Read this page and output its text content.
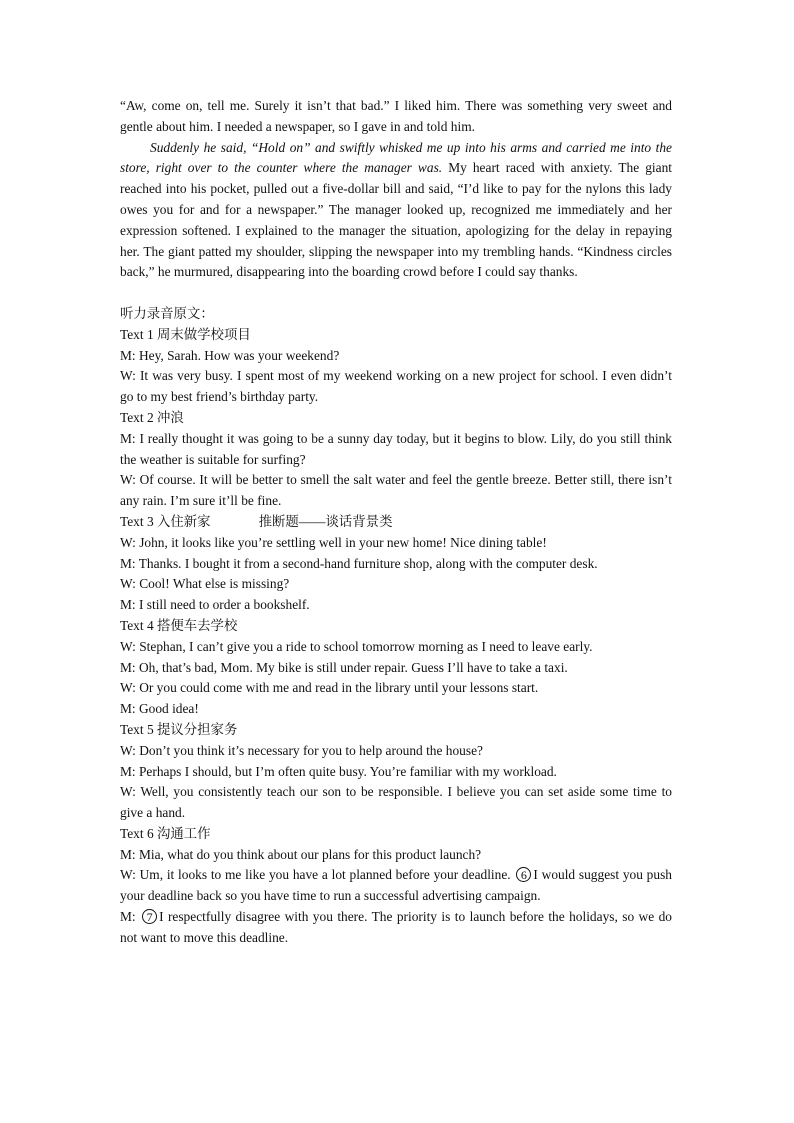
“Aw, come on, tell me. Surely it isn’t that bad.” I liked him. There was something very sweet and gentle about him. I needed a newspaper, so I gave in and told him.

Suddenly he said, “Hold on” and swiftly whisked me up into his arms and carried me into the store, right over to the counter where the manager was. My heart raced with anxiety. The giant reached into his pocket, pulled out a five-dollar bill and said, “I’d like to pay for the nylons this lady owes you for and for a newspaper.” The manager looked up, recognized me immediately and her expression softened. I explained to the manager the situation, apologizing for the delay in repaying her. The giant patted my shoulder, slipping the newspaper into my trembling hands. “Kindness circles back,” he murmured, disappearing into the boarding crowd before I could say thanks.

听力录音原文：

Text 1 周末做学校项目

M: Hey, Sarah. How was your weekend?

W: It was very busy. I spent most of my weekend working on a new project for school. I even didn’t go to my best friend’s birthday party.

Text 2 冲浪

M: I really thought it was going to be a sunny day today, but it begins to blow. Lily, do you still think the weather is suitable for surfing?

W: Of course. It will be better to smell the salt water and feel the gentle breeze. Better still, there isn’t any rain. I’m sure it’ll be fine.

Text 3 入住新家	推断题——谈话背景类

W: John, it looks like you’re settling well in your new home! Nice dining table!

M: Thanks. I bought it from a second-hand furniture shop, along with the computer desk.

W: Cool! What else is missing?

M: I still need to order a bookshelf.

Text 4 搭便车去学校

W: Stephan, I can’t give you a ride to school tomorrow morning as I need to leave early.

M: Oh, that’s bad, Mom. My bike is still under repair. Guess I’ll have to take a taxi.

W: Or you could come with me and read in the library until your lessons start.

M: Good idea!

Text 5 提议分担家务

W: Don’t you think it’s necessary for you to help around the house?

M: Perhaps I should, but I’m often quite busy. You’re familiar with my workload.

W: Well, you consistently teach our son to be responsible. I believe you can set aside some time to give a hand.

Text 6 沟通工作

M: Mia, what do you think about our plans for this product launch?

W: Um, it looks to me like you have a lot planned before your deadline. 6 I would suggest you push your deadline back so you have time to run a successful advertising campaign.

M: 7 I respectfully disagree with you there. The priority is to launch before the holidays, so we do not want to move this deadline.
